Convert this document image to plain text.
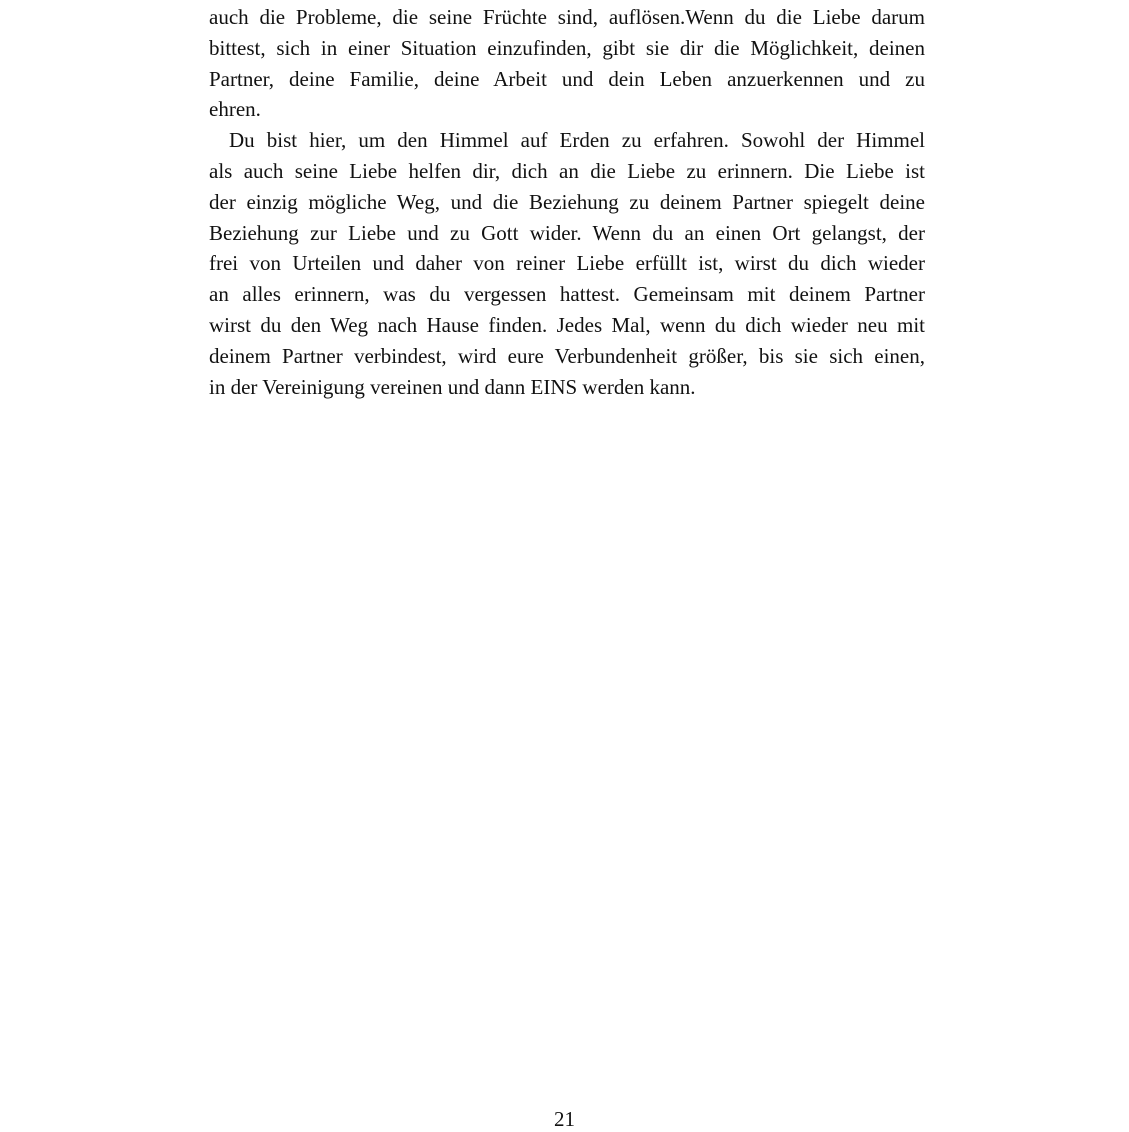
auch die Probleme, die seine Früchte sind, auflösen.Wenn du die Liebe darum
bittest, sich in einer Situation einzufinden, gibt sie dir die Möglichkeit, deinen
Partner, deine Familie, deine Arbeit und dein Leben anzuerkennen und zu
ehren.
Du bist hier, um den Himmel auf Erden zu erfahren. Sowohl der Himmel
als auch seine Liebe helfen dir, dich an die Liebe zu erinnern. Die Liebe ist
der einzig mögliche Weg, und die Beziehung zu deinem Partner spiegelt deine
Beziehung zur Liebe und zu Gott wider. Wenn du an einen Ort gelangst, der
frei von Urteilen und daher von reiner Liebe erfüllt ist, wirst du dich wieder
an alles erinnern, was du vergessen hattest. Gemeinsam mit deinem Partner
wirst du den Weg nach Hause finden. Jedes Mal, wenn du dich wieder neu mit
deinem Partner verbindest, wird eure Verbundenheit größer, bis sie sich einen,
in der Vereinigung vereinen und dann EINS werden kann.
21
